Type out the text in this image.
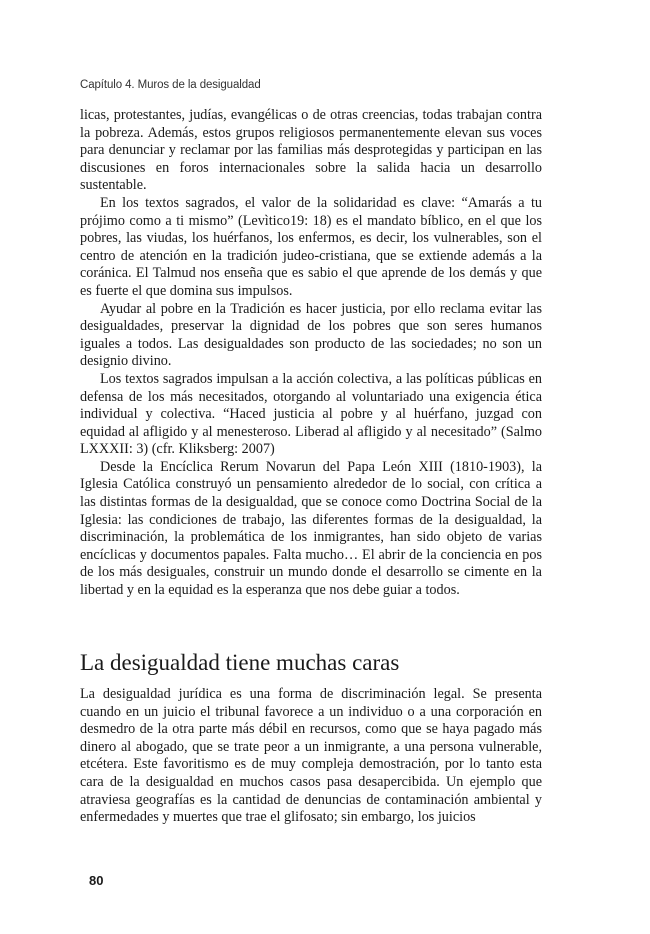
Capítulo 4. Muros de la desigualdad

licas, protestantes, judías, evangélicas o de otras creencias, todas trabajan contra la pobreza. Además, estos grupos religiosos permanentemente elevan sus voces para denunciar y reclamar por las familias más desprotegidas y participan en las discusiones en foros internacionales sobre la salida hacia un desarrollo sustentable.

En los textos sagrados, el valor de la solidaridad es clave: “Amarás a tu prójimo como a ti mismo” (Levìtico19: 18) es el mandato bíblico, en el que los pobres, las viudas, los huérfanos, los enfermos, es decir, los vulnerables, son el centro de atención en la tradición judeo-cristiana, que se extiende además a la coránica. El Talmud nos enseña que es sabio el que aprende de los demás y que es fuerte el que domina sus impulsos.

Ayudar al pobre en la Tradición es hacer justicia, por ello reclama evitar las desigualdades, preservar la dignidad de los pobres que son seres humanos iguales a todos. Las desigualdades son producto de las sociedades; no son un designio divino.

Los textos sagrados impulsan a la acción colectiva, a las políticas públicas en defensa de los más necesitados, otorgando al voluntariado una exigencia ética individual y colectiva. “Haced justicia al pobre y al huérfano, juzgad con equidad al afligido y al menesteroso. Liberad al afligido y al necesitado” (Salmo LXXXII: 3) (cfr. Kliksberg: 2007)

Desde la Encíclica Rerum Novarun del Papa León XIII (1810-1903), la Iglesia Católica construyó un pensamiento alrededor de lo social, con crítica a las distintas formas de la desigualdad, que se conoce como Doctrina Social de la Iglesia: las condiciones de trabajo, las diferentes formas de la desigualdad, la discriminación, la problemática de los inmigrantes, han sido objeto de varias encíclicas y documentos papales. Falta mucho… El abrir de la conciencia en pos de los más desiguales, construir un mundo donde el desarrollo se cimente en la libertad y en la equidad es la esperanza que nos debe guiar a todos.

La desigualdad tiene muchas caras

La desigualdad jurídica es una forma de discriminación legal. Se presenta cuando en un juicio el tribunal favorece a un individuo o a una corporación en desmedro de la otra parte más débil en recursos, como que se haya pagado más dinero al abogado, que se trate peor a un inmigrante, a una persona vulnerable, etcétera. Este favoritismo es de muy compleja demostración, por lo tanto esta cara de la desigualdad en muchos casos pasa desapercibida. Un ejemplo que atraviesa geografías es la cantidad de denuncias de contaminación ambiental y enfermedades y muertes que trae el glifosato; sin embargo, los juicios

80
